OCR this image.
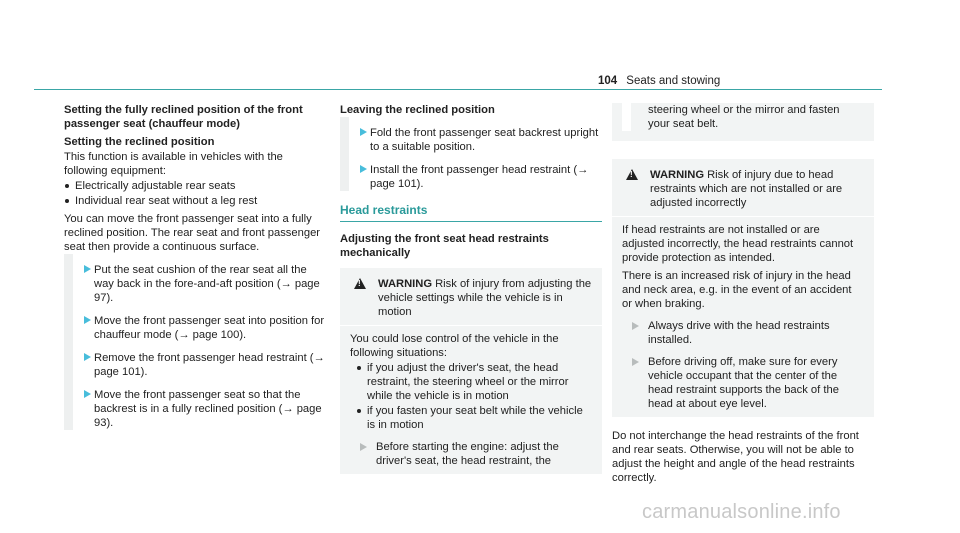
104 Seats and stowing

Setting the fully reclined position of the front passenger seat (chauffeur mode)

Setting the reclined position

This function is available in vehicles with the following equipment:

Electrically adjustable rear seats
Individual rear seat without a leg rest

You can move the front passenger seat into a fully reclined position. The rear seat and front passenger seat then provide a continuous surface.

Put the seat cushion of the rear seat all the way back in the fore-and-aft position (→ page 97).
Move the front passenger seat into position for chauffeur mode (→ page 100).
Remove the front passenger head restraint (→ page 101).
Move the front passenger seat so that the backrest is in a fully reclined position (→ page 93).

Leaving the reclined position

Fold the front passenger seat backrest upright to a suitable position.
Install the front passenger head restraint (→ page 101).
Head restraints

Adjusting the front seat head restraints mechanically

!
WARNING Risk of injury from adjusting the vehicle settings while the vehicle is in motion

You could lose control of the vehicle in the following situations:

if you adjust the driver's seat, the head restraint, the steering wheel or the mirror while the vehicle is in motion
if you fasten your seat belt while the vehicle is in motion
Before starting the engine: adjust the driver's seat, the head restraint, the
steering wheel or the mirror and fasten your seat belt.
!
WARNING Risk of injury due to head restraints which are not installed or are adjusted incorrectly

If head restraints are not installed or are adjusted incorrectly, the head restraints cannot provide protection as intended.

There is an increased risk of injury in the head and neck area, e.g. in the event of an accident or when braking.

Always drive with the head restraints installed.
Before driving off, make sure for every vehicle occupant that the center of the head restraint supports the back of the head at about eye level.

Do not interchange the head restraints of the front and rear seats. Otherwise, you will not be able to adjust the height and angle of the head restraints correctly.

carmanualsonline.info
